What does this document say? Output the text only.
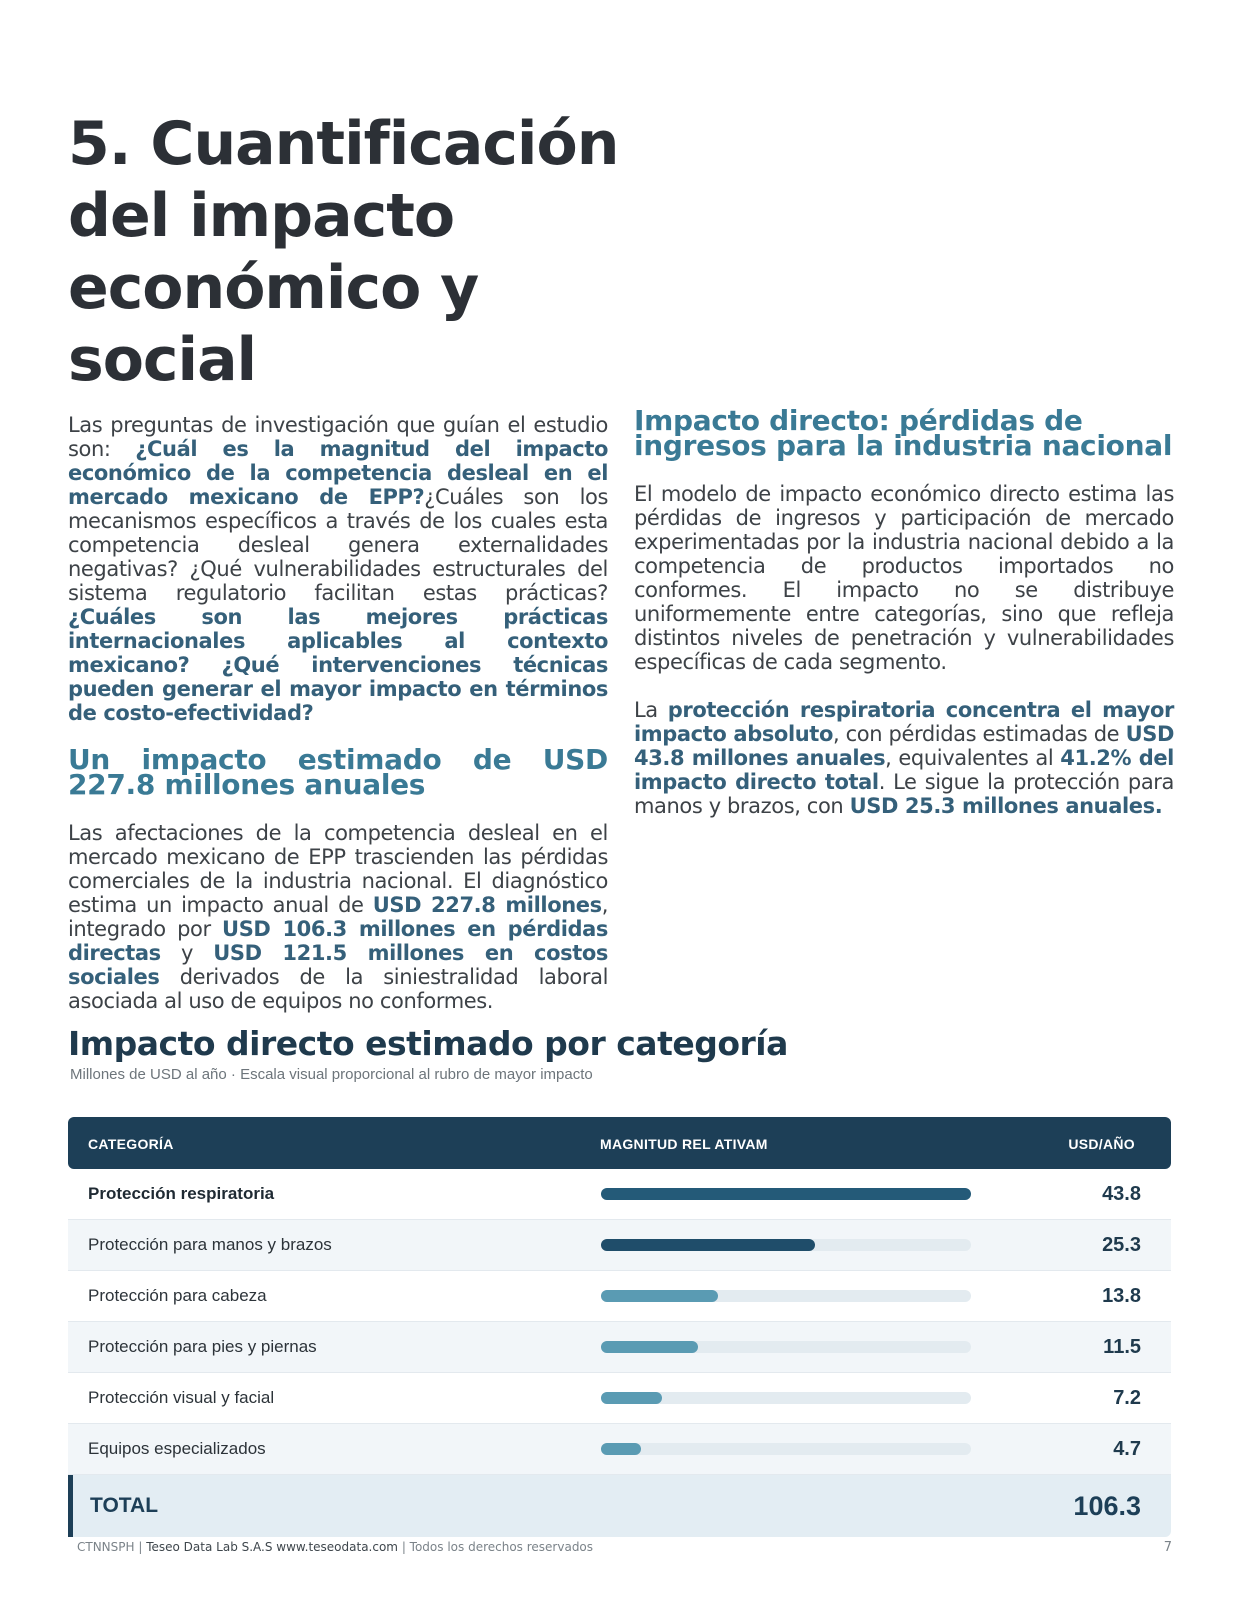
5. Cuantificación del impacto económico y social

Las preguntas de investigación que guían el estudio son: ¿Cuál es la magnitud del impacto económico de la competencia desleal en el mercado mexicano de EPP?¿Cuáles son los mecanismos específicos a través de los cuales esta competencia desleal genera externalidades negativas? ¿Qué vulnerabilidades estructurales del sistema regulatorio facilitan estas prácticas? ¿Cuáles son las mejores prácticas internacionales aplicables al contexto mexicano? ¿Qué intervenciones técnicas pueden generar el mayor impacto en términos de costo-efectividad?

Un impacto estimado de USD 227.8 millones anuales

Las afectaciones de la competencia desleal en el mercado mexicano de EPP trascienden las pérdidas comerciales de la industria nacional. El diagnóstico estima un impacto anual de USD 227.8 millones, integrado por USD 106.3 millones en pérdidas directas y USD 121.5 millones en costos sociales derivados de la siniestralidad laboral asociada al uso de equipos no conformes.

Impacto directo: pérdidas de ingresos para la industria nacional

El modelo de impacto económico directo estima las pérdidas de ingresos y participación de mercado experimentadas por la industria nacional debido a la competencia de productos importados no conformes. El impacto no se distribuye uniformemente entre categorías, sino que refleja distintos niveles de penetración y vulnerabilidades específicas de cada segmento.

La protección respiratoria concentra el mayor impacto absoluto, con pérdidas estimadas de USD 43.8 millones anuales, equivalentes al 41.2% del impacto directo total. Le sigue la protección para manos y brazos, con USD 25.3 millones anuales.

Impacto directo estimado por categoría

Millones de USD al año · Escala visual proporcional al rubro de mayor impacto

CATEGORÍA	MAGNITUD REL ATIVAM	USD/AÑO
Protección respiratoria	43.8
Protección para manos y brazos	25.3
Protección para cabeza	13.8
Protección para pies y piernas	11.5
Protección visual y facial	7.2
Equipos especializados	4.7
TOTAL	106.3
CTNNSPH | Teseo Data Lab S.A.S www.teseodata.com | Todos los derechos reservados	7
